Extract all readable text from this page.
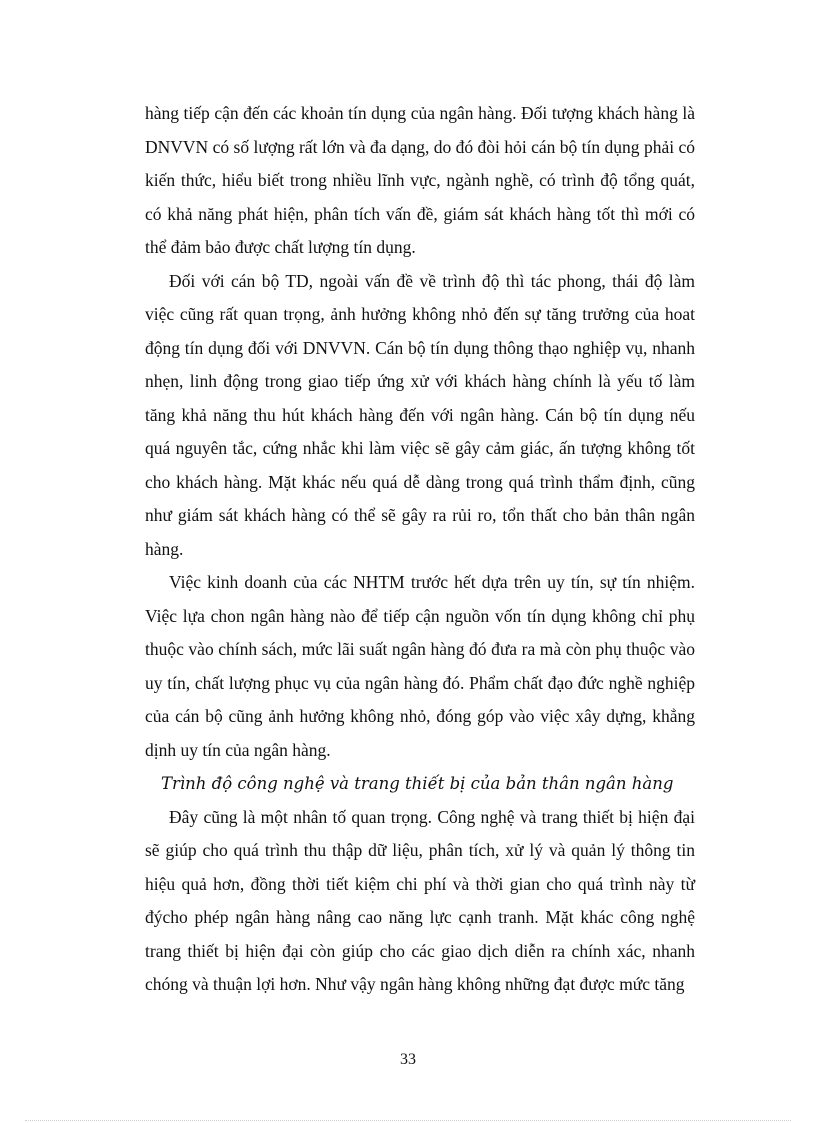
hàng tiếp cận đến các khoản tín dụng của ngân hàng. Đối tượng khách hàng là DNVVN có số lượng rất lớn và đa dạng, do đó đòi hỏi cán bộ tín dụng phải có kiến thức, hiểu biết trong nhiều lĩnh vực, ngành nghề, có trình độ tổng quát, có khả năng phát hiện, phân tích vấn đề, giám sát khách hàng tốt thì mới có thể đảm bảo được chất lượng tín dụng.

Đối với cán bộ TD, ngoài vấn đề về trình độ thì tác phong, thái độ làm việc cũng rất quan trọng, ảnh hưởng không nhỏ đến sự tăng trưởng của hoat động tín dụng đối với DNVVN. Cán bộ tín dụng thông thạo nghiệp vụ, nhanh nhẹn, linh động trong giao tiếp ứng xử với khách hàng chính là yếu tố làm tăng khả năng thu hút khách hàng đến với ngân hàng. Cán bộ tín dụng nếu quá nguyên tắc, cứng nhắc khi làm việc sẽ gây cảm giác, ấn tượng không tốt cho khách hàng. Mặt khác nếu quá dễ dàng trong quá trình thẩm định, cũng như giám sát khách hàng có thể sẽ gây ra rủi ro, tổn thất cho bản thân ngân hàng.

Việc kinh doanh của các NHTM trước hết dựa trên uy tín, sự tín nhiệm. Việc lựa chon ngân hàng nào để tiếp cận nguồn vốn tín dụng không chỉ phụ thuộc vào chính sách, mức lãi suất ngân hàng đó đưa ra mà còn phụ thuộc vào uy tín, chất lượng phục vụ của ngân hàng đó. Phẩm chất đạo đức nghề nghiệp của cán bộ cũng ảnh hưởng không nhỏ, đóng góp vào việc xây dựng, khẳng dịnh uy tín của ngân hàng.

Trình độ công nghệ và trang thiết bị của bản thân ngân hàng

Đây cũng là một nhân tố quan trọng. Công nghệ và trang thiết bị hiện đại sẽ giúp cho quá trình thu thập dữ liệu, phân tích, xử lý và quản lý thông tin hiệu quả hơn, đồng thời tiết kiệm chi phí và thời gian cho quá trình này từ đýcho phép ngân hàng nâng cao năng lực cạnh tranh. Mặt khác công nghệ trang thiết bị hiện đại còn giúp cho các giao dịch diễn ra chính xác, nhanh chóng và thuận lợi hơn. Như vậy ngân hàng không những đạt được mức tăng

33
